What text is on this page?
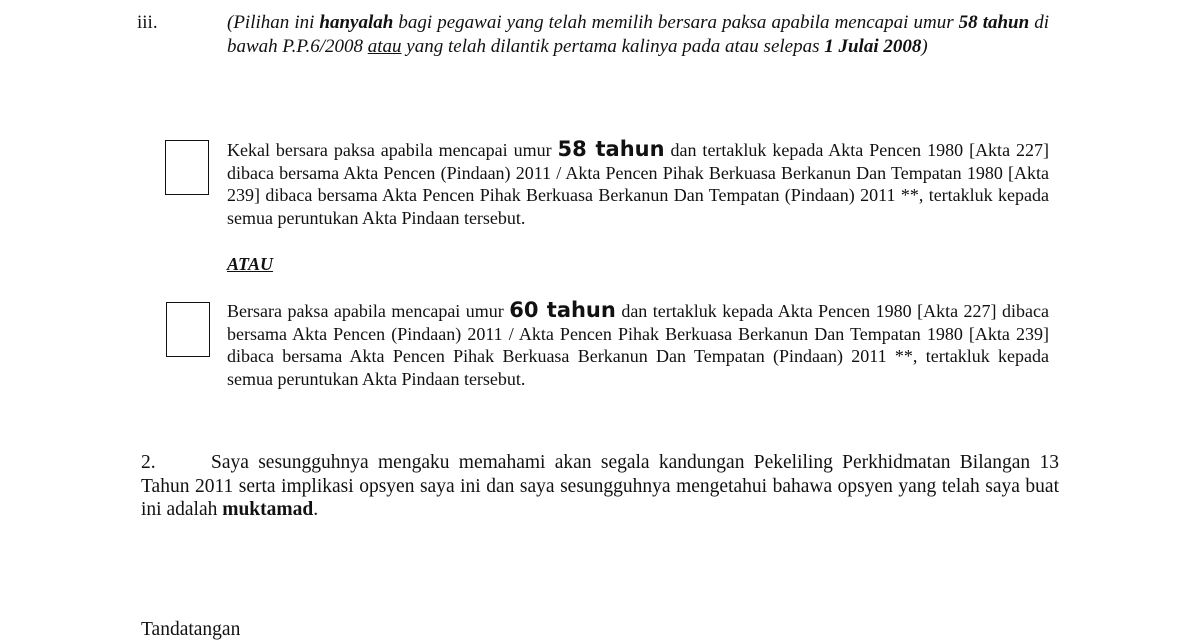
iii.	(Pilihan ini hanyalah bagi pegawai yang telah memilih bersara paksa apabila mencapai umur 58 tahun di bawah P.P.6/2008 atau yang telah dilantik pertama kalinya pada atau selepas 1 Julai 2008)
Kekal bersara paksa apabila mencapai umur 58 tahun dan tertakluk kepada Akta Pencen 1980 [Akta 227] dibaca bersama Akta Pencen (Pindaan) 2011 / Akta Pencen Pihak Berkuasa Berkanun Dan Tempatan 1980 [Akta 239] dibaca bersama Akta Pencen Pihak Berkuasa Berkanun Dan Tempatan (Pindaan) 2011 **, tertakluk kepada semua peruntukan Akta Pindaan tersebut.
ATAU
Bersara paksa apabila mencapai umur 60 tahun dan tertakluk kepada Akta Pencen 1980 [Akta 227] dibaca bersama Akta Pencen (Pindaan) 2011 / Akta Pencen Pihak Berkuasa Berkanun Dan Tempatan 1980 [Akta 239] dibaca bersama Akta Pencen Pihak Berkuasa Berkanun Dan Tempatan (Pindaan) 2011 **, tertakluk kepada semua peruntukan Akta Pindaan tersebut.
2.	Saya sesungguhnya mengaku memahami akan segala kandungan Pekeliling Perkhidmatan Bilangan 13 Tahun 2011 serta implikasi opsyen saya ini dan saya sesungguhnya mengetahui bahawa opsyen yang telah saya buat ini adalah muktamad.
Tandatangan
